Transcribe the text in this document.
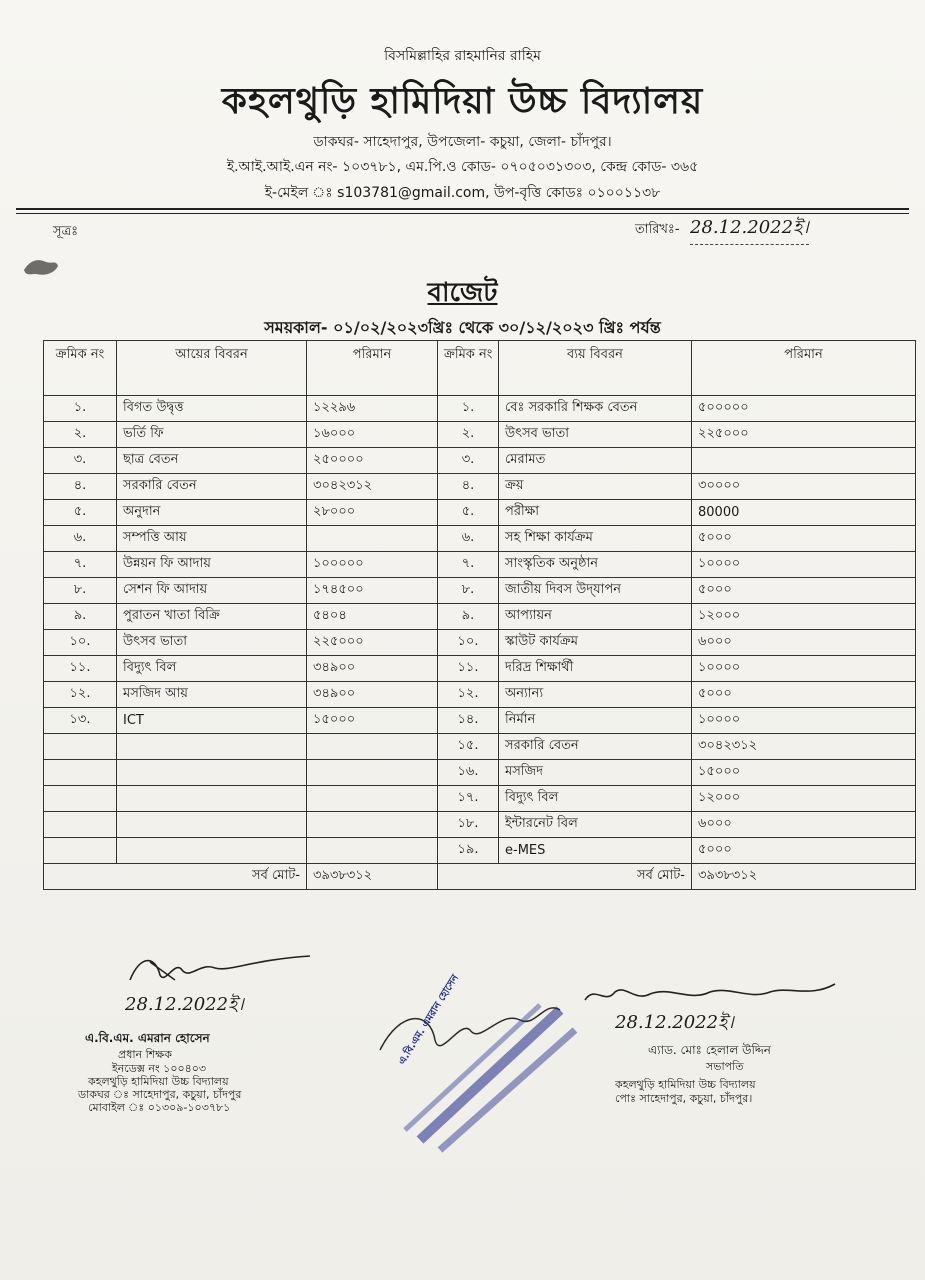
বিসমিল্লাহির রাহমানির রাহিম
কহলথুড়ি হামিদিয়া উচ্চ বিদ্যালয়
ডাকঘর- সাহেদাপুর, উপজেলা- কচুয়া, জেলা- চাঁদপুর।
ই.আই.আই.এন নং- ১০৩৭৮১, এম.পি.ও কোড- ০৭০৫০৩১৩০৩, কেন্দ্র কোড- ৩৬৫
ই-মেইল ঃ s103781@gmail.com, উপ-বৃত্তি কোডঃ ০১০০১১৩৮
সূত্রঃ	তারিখঃ- 28.12.2022ই।
বাজেট
সময়কাল- ০১/০২/২০২৩খ্রিঃ থেকে ৩০/১২/২০২৩ খ্রিঃ পর্যন্ত
ক্রমিক নং	আয়ের বিবরন	পরিমান	ক্রমিক নং	ব্যয় বিবরন	পরিমান
১.	বিগত উদ্বৃত্ত	১২২৯৬	১.	বেঃ সরকারি শিক্ষক বেতন	৫০০০০০
২.	ভর্তি ফি	১৬০০০	২.	উৎসব ভাতা	২২৫০০০
৩.	ছাত্র বেতন	২৫০০০০	৩.	মেরামত	
৪.	সরকারি বেতন	৩০৪২৩১২	৪.	ক্রয়	৩০০০০
৫.	অনুদান	২৮০০০	৫.	পরীক্ষা	80000
৬.	সম্পত্তি আয়		৬.	সহ শিক্ষা কার্যক্রম	৫০০০
৭.	উন্নয়ন ফি আদায়	১০০০০০	৭.	সাংস্কৃতিক অনুষ্ঠান	১০০০০
৮.	সেশন ফি আদায়	১৭৪৫০০	৮.	জাতীয় দিবস উদ্‌যাপন	৫০০০
৯.	পুরাতন খাতা বিক্রি	৫৪০৪	৯.	আপ্যায়ন	১২০০০
১০.	উৎসব ভাতা	২২৫০০০	১০.	স্কাউট কার্যক্রম	৬০০০
১১.	বিদ্যুৎ বিল	৩৪৯০০	১১.	দরিদ্র শিক্ষার্থী	১০০০০
১২.	মসজিদ আয়	৩৪৯০০	১২.	অন্যান্য	৫০০০
১৩.	ICT	১৫০০০	১৪.	নির্মান	১০০০০
			১৫.	সরকারি বেতন	৩০৪২৩১২
			১৬.	মসজিদ	১৫০০০
			১৭.	বিদ্যুৎ বিল	১২০০০
			১৮.	ইন্টারনেট বিল	৬০০০
			১৯.	e-MES	৫০০০
সর্ব মোট-		৩৯৩৮৩১২	সর্ব মোট-		৩৯৩৮৩১২
28.12.2022ই।
এ.বি.এম. এমরান হোসেন
প্রধান শিক্ষক
ইনডেক্স নং ১০০৪০৩
কহলথুড়ি হামিদিয়া উচ্চ বিদ্যালয়
ডাকঘর ঃ সাহেদাপুর, কচুয়া, চাঁদপুর
মোবাইল ঃ ০১৩০৯-১০৩৭৮১
এ.বি.এম. এমরান হোসেন	28.12.2022ই।
এ্যাড. মোঃ হেলাল উদ্দিন
সভাপতি
কহলথুড়ি হামিদিয়া উচ্চ বিদ্যালয়
পোঃ সাহেদাপুর, কচুয়া, চাঁদপুর।
